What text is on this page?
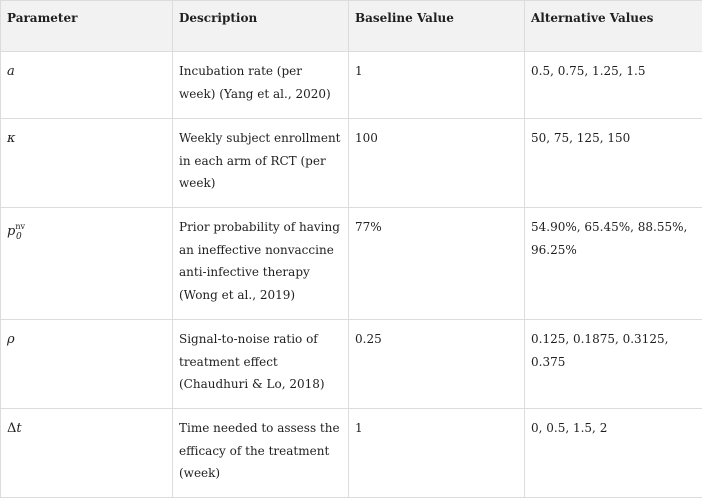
Parameter	Description	Baseline Value	Alternative Values
a	Incubation rate (per week) (Yang et al., 2020)	1	0.5, 0.75, 1.25, 1.5
κ	Weekly subject enrollment in each arm of RCT (per week)	100	50, 75, 125, 150
$p^{nv}_0$	Prior probability of having an ineffective nonvaccine anti-infective therapy (Wong et al., 2019)	77%	54.90%, 65.45%, 88.55%, 96.25%
ρ	Signal-to-noise ratio of treatment effect (Chaudhuri & Lo, 2018)	0.25	0.125, 0.1875, 0.3125, 0.375
Δt	Time needed to assess the efficacy of the treatment (week)	1	0, 0.5, 1.5, 2
